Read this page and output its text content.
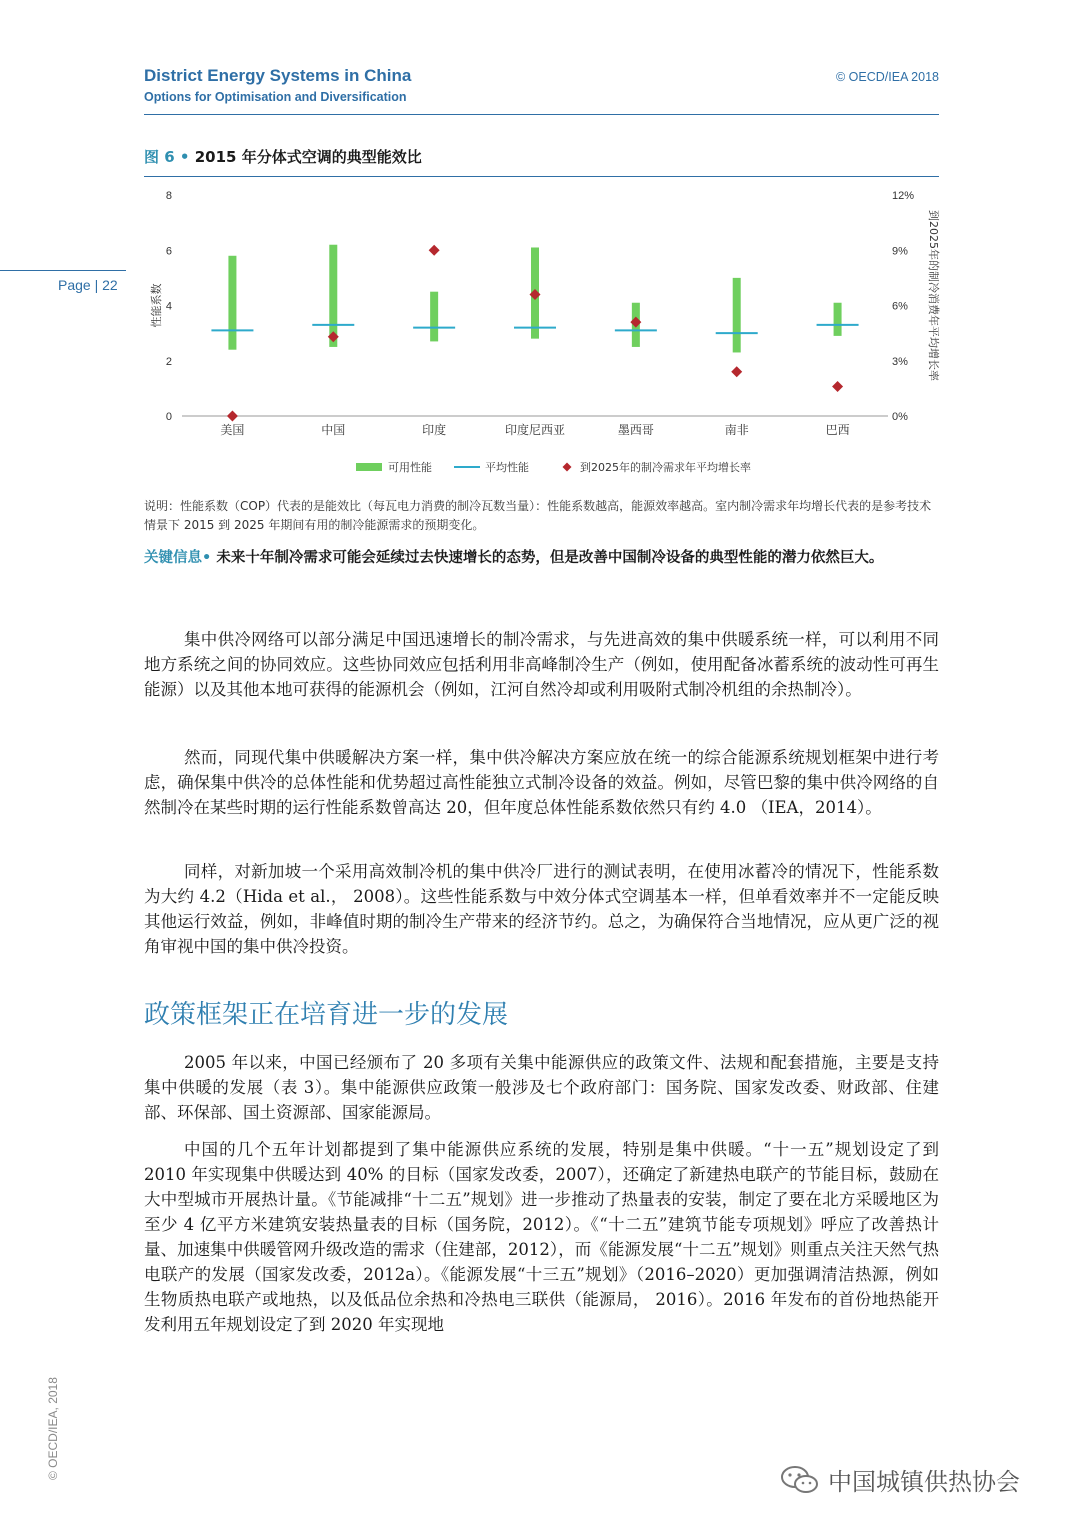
District Energy Systems in China
Options for Optimisation and Diversification
© OECD/IEA 2018
Page | 22
© OECD/IEA, 2018
图 6 • 2015 年分体式空调的典型能效比
0
2
4
6
8
0%
3%
6%
9%
12%
性能系数	到2025年的制冷消费年平均增长率
美国	中国	印度	印度尼西亚	墨西哥	南非	巴西
可用性能	平均性能	到2025年的制冷需求年平均增长率
说明：性能系数（COP）代表的是能效比（每瓦电力消费的制冷瓦数当量）：性能系数越高，能源效率越高。室内制冷需求年均增长代表的是参考技术情景下 2015 到 2025 年期间有用的制冷能源需求的预期变化。
关键信息• 未来十年制冷需求可能会延续过去快速增长的态势，但是改善中国制冷设备的典型性能的潜力依然巨大。

集中供冷网络可以部分满足中国迅速增长的制冷需求，与先进高效的集中供暖系统一样，可以利用不同地方系统之间的协同效应。这些协同效应包括利用非高峰制冷生产（例如，使用配备冰蓄系统的波动性可再生能源）以及其他本地可获得的能源机会（例如，江河自然冷却或利用吸附式制冷机组的余热制冷）。

然而，同现代集中供暖解决方案一样，集中供冷解决方案应放在统一的综合能源系统规划框架中进行考虑，确保集中供冷的总体性能和优势超过高性能独立式制冷设备的效益。例如，尽管巴黎的集中供冷网络的自然制冷在某些时期的运行性能系数曾高达 20，但年度总体性能系数依然只有约 4.0 （IEA，2014）。

同样，对新加坡一个采用高效制冷机的集中供冷厂进行的测试表明，在使用冰蓄冷的情况下，性能系数为大约 4.2（Hida et al.， 2008）。这些性能系数与中效分体式空调基本一样，但单看效率并不一定能反映其他运行效益，例如，非峰值时期的制冷生产带来的经济节约。总之，为确保符合当地情况，应从更广泛的视角审视中国的集中供冷投资。

政策框架正在培育进一步的发展

2005 年以来，中国已经颁布了 20 多项有关集中能源供应的政策文件、法规和配套措施，主要是支持集中供暖的发展（表 3）。集中能源供应政策一般涉及七个政府部门：国务院、国家发改委、财政部、住建部、环保部、国土资源部、国家能源局。

中国的几个五年计划都提到了集中能源供应系统的发展，特别是集中供暖。“十一五”规划设定了到 2010 年实现集中供暖达到 40% 的目标（国家发改委，2007），还确定了新建热电联产的节能目标，鼓励在大中型城市开展热计量。《节能减排“十二五”规划》进一步推动了热量表的安装，制定了要在北方采暖地区为至少 4 亿平方米建筑安装热量表的目标（国务院，2012）。《“十二五”建筑节能专项规划》呼应了改善热计量、加速集中供暖管网升级改造的需求（住建部，2012），而《能源发展“十二五”规划》则重点关注天然气热电联产的发展（国家发改委，2012a）。《能源发展“十三五”规划》（2016–2020）更加强调清洁热源，例如生物质热电联产或地热，以及低品位余热和冷热电三联供（能源局， 2016）。2016 年发布的首份地热能开发利用五年规划设定了到 2020 年实现地

中国城镇供热协会
